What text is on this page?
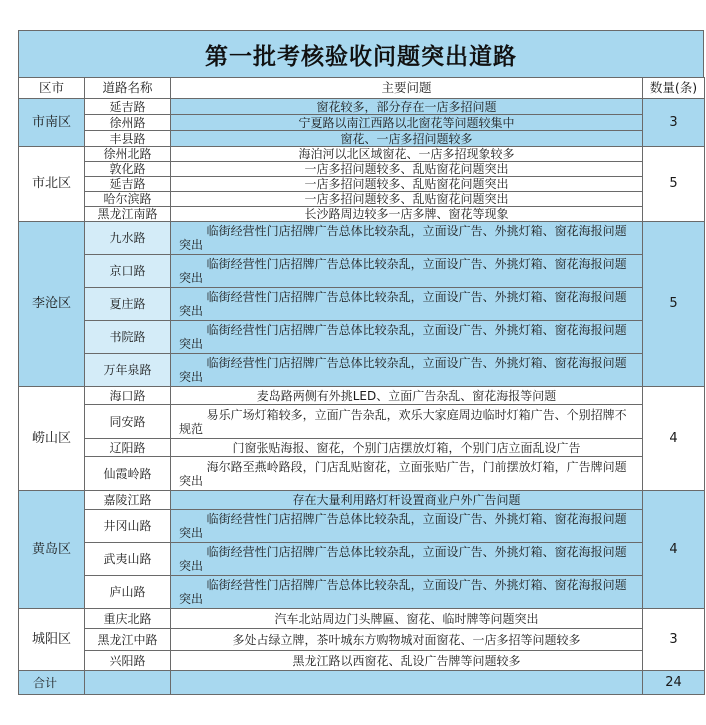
第一批考核验收问题突出道路
区市	道路名称	主要问题	数量(条)
市南区	延吉路	窗花较多，部分存在一店多招问题	3
	徐州路	宁夏路以南江西路以北窗花等问题较集中	
	丰县路	窗花、一店多招问题较多	
市北区	徐州北路	海泊河以北区域窗花、一店多招现象较多	5
	敦化路	一店多招问题较多、乱贴窗花问题突出	
	延吉路	一店多招问题较多、乱贴窗花问题突出	
	哈尔滨路	一店多招问题较多、乱贴窗花问题突出	
	黑龙江南路	长沙路周边较多一店多牌、窗花等现象	
李沧区	九水路	临街经营性门店招牌广告总体比较杂乱，立面设广告、外挑灯箱、窗花海报问题突出	5
	京口路	临街经营性门店招牌广告总体比较杂乱，立面设广告、外挑灯箱、窗花海报问题突出	

	夏庄路	临街经营性门店招牌广告总体比较杂乱，立面设广告、外挑灯箱、窗花海报问题突出	

	书院路	临街经营性门店招牌广告总体比较杂乱，立面设广告、外挑灯箱、窗花海报问题突出	

	万年泉路	临街经营性门店招牌广告总体比较杂乱，立面设广告、外挑灯箱、窗花海报问题突出	

崂山区	海口路	麦岛路两侧有外挑LED、立面广告杂乱、窗花海报等问题	4
	同安路	易乐广场灯箱较多，立面广告杂乱，欢乐大家庭周边临时灯箱广告、个别招牌不规范	

	辽阳路	门窗张贴海报、窗花，个别门店摆放灯箱，个别门店立面乱设广告	
	仙霞岭路	海尔路至燕岭路段，门店乱贴窗花，立面张贴广告，门前摆放灯箱，广告牌问题突出	

黄岛区	嘉陵江路	存在大量利用路灯杆设置商业户外广告问题	4
	井冈山路	临街经营性门店招牌广告总体比较杂乱，立面设广告、外挑灯箱、窗花海报问题突出	

	武夷山路	临街经营性门店招牌广告总体比较杂乱，立面设广告、外挑灯箱、窗花海报问题突出	

	庐山路	临街经营性门店招牌广告总体比较杂乱，立面设广告、外挑灯箱、窗花海报问题突出	

城阳区	重庆北路	汽车北站周边门头牌匾、窗花、临时牌等问题突出	3
	黑龙江中路	多处占绿立牌，茶叶城东方购物城对面窗花、一店多招等问题较多	
	兴阳路	黑龙江路以西窗花、乱设广告牌等问题较多	
合计			24
